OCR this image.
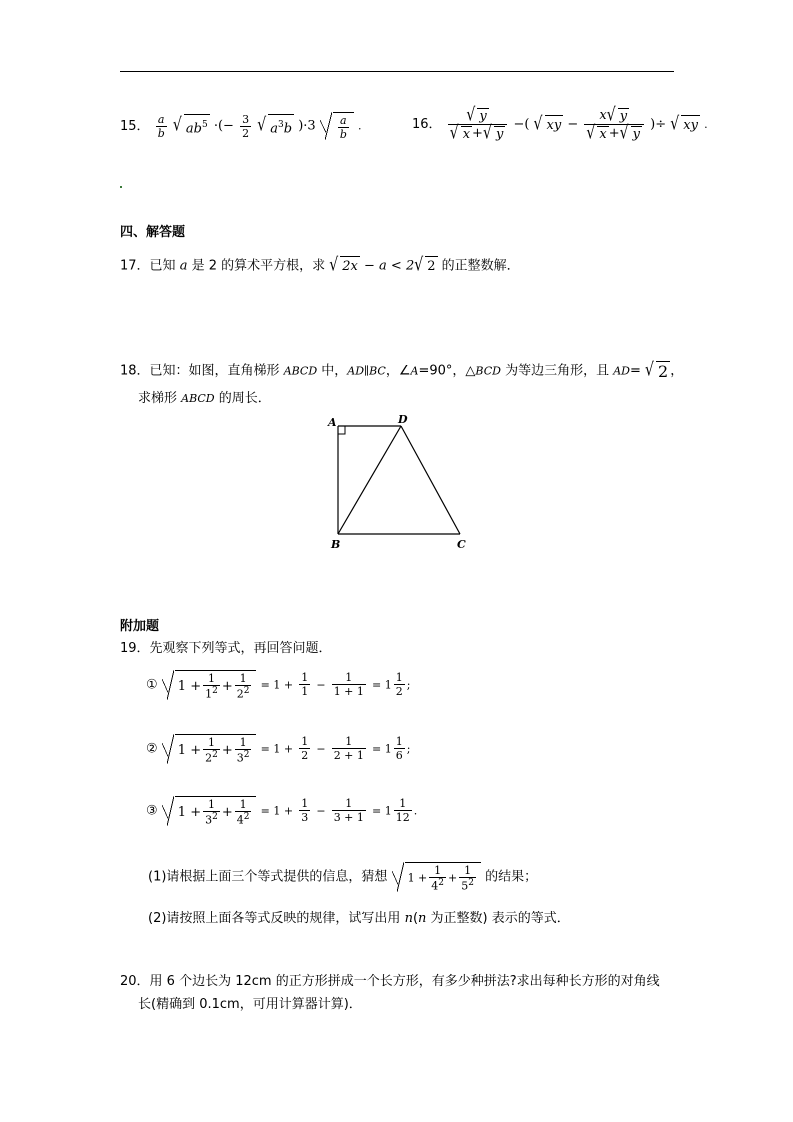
15． $\frac{a}{b}$ √ $ab^5$ ·(− $\frac{3}{2}$ √ $a^3b$ )$\cdot 3 \frac{a}{b}$ .	16． √ y
√ x + √ y −( √ xy − x √ y
√ x + √ y )÷ √ xy .
四、解答题
17．已知 a 是 2 的算术平方根，求 √ 2x − a < 2 √ 2 的正整数解．
18．已知：如图，直角梯形 ABCD 中，AD∥BC，∠A=90°，△BCD 为等边三角形，且 AD= √ 2 ，
求梯形 ABCD 的周长．
A
B	C
D
附加题
19．先观察下列等式，再回答问题．
① $1 + \frac{1}{1^2} + \frac{1}{2^2} = 1 + \frac{1}{1} - \frac{1}{1 + 1} = 1 \frac{1}{2}$ ;
② $1 + \frac{1}{2^2} + \frac{1}{3^2} = 1 + \frac{1}{2} - \frac{1}{2 + 1} = 1 \frac{1}{6}$ ;
③ $1 + \frac{1}{3^2} + \frac{1}{4^2} = 1 + \frac{1}{3} - \frac{1}{3 + 1} = 1 \frac{1}{12}$ .
(1)请根据上面三个等式提供的信息，猜想 $1 + \frac{1}{4^2} + \frac{1}{5^2}$ 的结果；
(2)请按照上面各等式反映的规律，试写出用 n(n 为正整数) 表示的等式．
20．用 6 个边长为 12cm 的正方形拼成一个长方形，有多少种拼法?求出每种长方形的对角线
长(精确到 0.1cm，可用计算器计算)．
